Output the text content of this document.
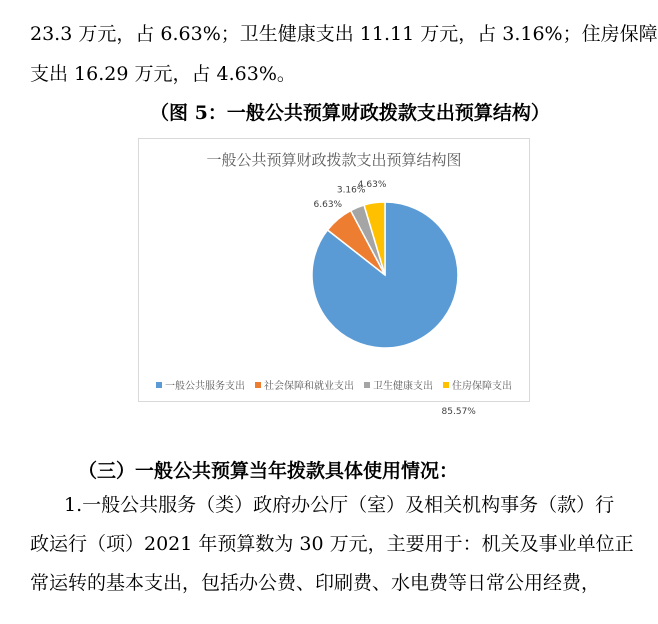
23.3 万元，占 6.63%；卫生健康支出 11.11 万元，占 3.16%；住房保障
支出 16.29 万元，占 4.63%。
（图 5：一般公共预算财政拨款支出预算结构）
一般公共预算财政拨款支出预算结构图
85.57%
6.63%
3.16%
4.63%
一般公共服务支出 社会保障和就业支出 卫生健康支出 住房保障支出
（三）一般公共预算当年拨款具体使用情况：
1.一般公共服务（类）政府办公厅（室）及相关机构事务（款）行
政运行（项）2021 年预算数为 30 万元，主要用于：机关及事业单位正
常运转的基本支出，包括办公费、印刷费、水电费等日常公用经费，
